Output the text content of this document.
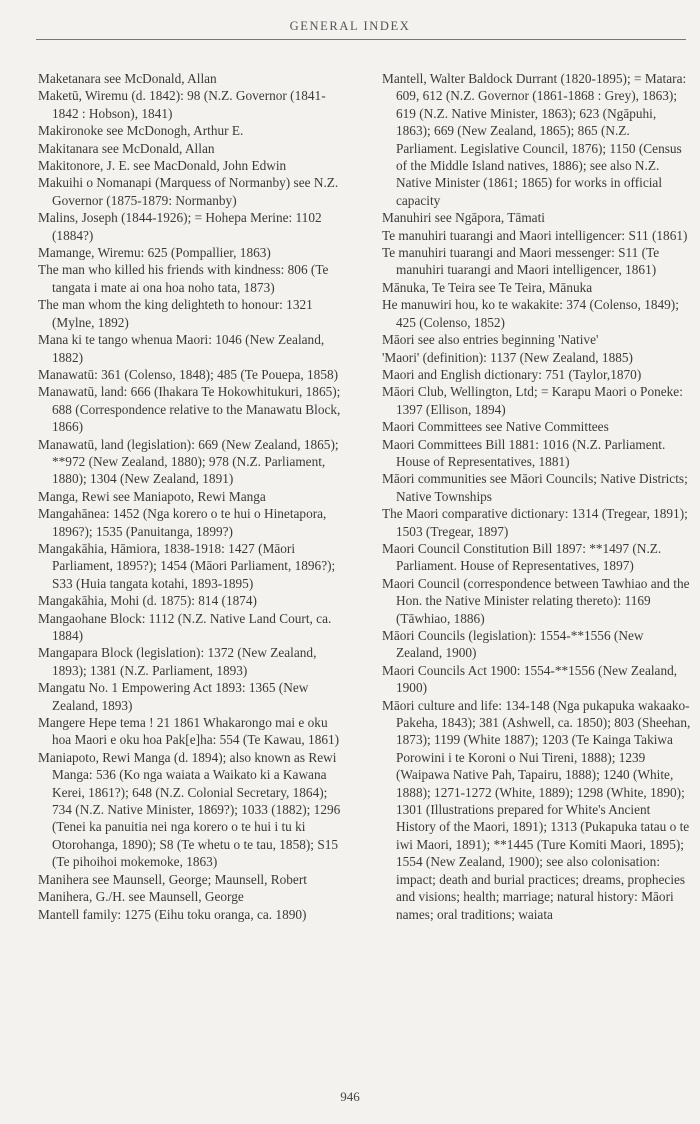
GENERAL INDEX

Maketanara see McDonald, Allan

Maketū, Wiremu (d. 1842): 98 (N.Z. Governor (1841-1842 : Hobson), 1841)

Makironoke see McDonogh, Arthur E.

Makitanara see McDonald, Allan

Makitonore, J. E. see MacDonald, John Edwin

Makuihi o Nomanapi (Marquess of Normanby) see N.Z. Governor (1875-1879: Normanby)

Malins, Joseph (1844-1926); = Hohepa Merine: 1102 (1884?)

Mamange, Wiremu: 625 (Pompallier, 1863)

The man who killed his friends with kindness: 806 (Te tangata i mate ai ona hoa noho tata, 1873)

The man whom the king delighteth to honour: 1321 (Mylne, 1892)

Mana ki te tango whenua Maori: 1046 (New Zealand, 1882)

Manawatū: 361 (Colenso, 1848); 485 (Te Pouepa, 1858)

Manawatū, land: 666 (Ihakara Te Hokowhitukuri, 1865); 688 (Correspondence relative to the Manawatu Block, 1866)

Manawatū, land (legislation): 669 (New Zealand, 1865); **972 (New Zealand, 1880); 978 (N.Z. Parliament, 1880); 1304 (New Zealand, 1891)

Manga, Rewi see Maniapoto, Rewi Manga

Mangahānea: 1452 (Nga korero o te hui o Hinetapora, 1896?); 1535 (Panuitanga, 1899?)

Mangakāhia, Hāmiora, 1838-1918: 1427 (Māori Parliament, 1895?); 1454 (Māori Parliament, 1896?); S33 (Huia tangata kotahi, 1893-1895)

Mangakāhia, Mohi (d. 1875): 814 (1874)

Mangaohane Block: 1112 (N.Z. Native Land Court, ca. 1884)

Mangapara Block (legislation): 1372 (New Zealand, 1893); 1381 (N.Z. Parliament, 1893)

Mangatu No. 1 Empowering Act 1893: 1365 (New Zealand, 1893)

Mangere Hepe tema ! 21 1861 Whakarongo mai e oku hoa Maori e oku hoa Pak[e]ha: 554 (Te Kawau, 1861)

Maniapoto, Rewi Manga (d. 1894); also known as Rewi Manga: 536 (Ko nga waiata a Waikato ki a Kawana Kerei, 1861?); 648 (N.Z. Colonial Secretary, 1864); 734 (N.Z. Native Minister, 1869?); 1033 (1882); 1296 (Tenei ka panuitia nei nga korero o te hui i tu ki Otorohanga, 1890); S8 (Te whetu o te tau, 1858); S15 (Te pihoihoi mokemoke, 1863)

Manihera see Maunsell, George; Maunsell, Robert

Manihera, G./H. see Maunsell, George

Mantell family: 1275 (Eihu toku oranga, ca. 1890)

Mantell, Walter Baldock Durrant (1820-1895); = Matara: 609, 612 (N.Z. Governor (1861-1868 : Grey), 1863); 619 (N.Z. Native Minister, 1863); 623 (Ngāpuhi, 1863); 669 (New Zealand, 1865); 865 (N.Z. Parliament. Legislative Council, 1876); 1150 (Census of the Middle Island natives, 1886); see also N.Z. Native Minister (1861; 1865) for works in official capacity

Manuhiri see Ngāpora, Tāmati

Te manuhiri tuarangi and Maori intelligencer: S11 (1861)

Te manuhiri tuarangi and Maori messenger: S11 (Te manuhiri tuarangi and Maori intelligencer, 1861)

Mānuka, Te Teira see Te Teira, Mānuka

He manuwiri hou, ko te wakakite: 374 (Colenso, 1849); 425 (Colenso, 1852)

Māori see also entries beginning 'Native'

'Maori' (definition): 1137 (New Zealand, 1885)

Maori and English dictionary: 751 (Taylor,1870)

Māori Club, Wellington, Ltd; = Karapu Maori o Poneke: 1397 (Ellison, 1894)

Maori Committees see Native Committees

Maori Committees Bill 1881: 1016 (N.Z. Parliament. House of Representatives, 1881)

Māori communities see Māori Councils; Native Districts; Native Townships

The Maori comparative dictionary: 1314 (Tregear, 1891); 1503 (Tregear, 1897)

Maori Council Constitution Bill 1897: **1497 (N.Z. Parliament. House of Representatives, 1897)

Maori Council (correspondence between Tawhiao and the Hon. the Native Minister relating thereto): 1169 (Tāwhiao, 1886)

Māori Councils (legislation): 1554-**1556 (New Zealand, 1900)

Maori Councils Act 1900: 1554-**1556 (New Zealand, 1900)

Māori culture and life: 134-148 (Nga pukapuka wakaako-Pakeha, 1843); 381 (Ashwell, ca. 1850); 803 (Sheehan, 1873); 1199 (White 1887); 1203 (Te Kainga Takiwa Porowini i te Koroni o Nui Tireni, 1888); 1239 (Waipawa Native Pah, Tapairu, 1888); 1240 (White, 1888); 1271-1272 (White, 1889); 1298 (White, 1890); 1301 (Illustrations prepared for White's Ancient History of the Maori, 1891); 1313 (Pukapuka tatau o te iwi Maori, 1891); **1445 (Ture Komiti Maori, 1895); 1554 (New Zealand, 1900); see also colonisation: impact; death and burial practices; dreams, prophecies and visions; health; marriage; natural history: Māori names; oral traditions; waiata

946
